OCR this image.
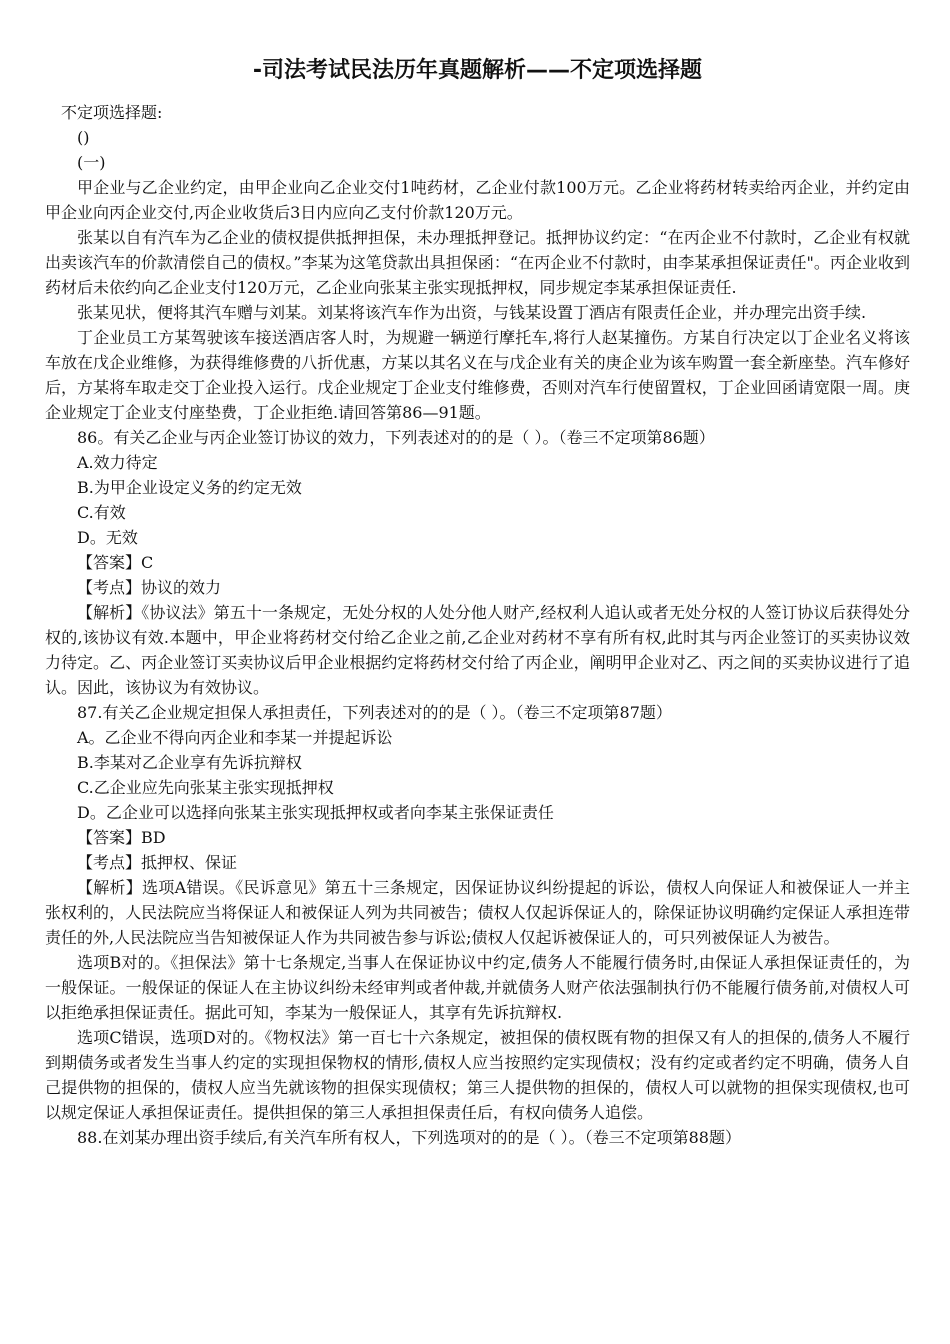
-司法考试民法历年真题解析——不定项选择题

不定项选择题:

()

(一)

甲企业与乙企业约定，由甲企业向乙企业交付1吨药材，乙企业付款100万元。乙企业将药材转卖给丙企业，并约定由甲企业向丙企业交付,丙企业收货后3日内应向乙支付价款120万元。

张某以自有汽车为乙企业的债权提供抵押担保，未办理抵押登记。抵押协议约定：“在丙企业不付款时，乙企业有权就出卖该汽车的价款清偿自己的债权。”李某为这笔贷款出具担保函：“在丙企业不付款时，由李某承担保证责任"。丙企业收到药材后未依约向乙企业支付120万元，乙企业向张某主张实现抵押权，同步规定李某承担保证责任.

张某见状，便将其汽车赠与刘某。刘某将该汽车作为出资，与钱某设置丁酒店有限责任企业，并办理完出资手续.

丁企业员工方某驾驶该车接送酒店客人时，为规避一辆逆行摩托车,将行人赵某撞伤。方某自行决定以丁企业名义将该车放在戊企业维修，为获得维修费的八折优惠，方某以其名义在与戊企业有关的庚企业为该车购置一套全新座垫。汽车修好后，方某将车取走交丁企业投入运行。戊企业规定丁企业支付维修费，否则对汽车行使留置权，丁企业回函请宽限一周。庚企业规定丁企业支付座垫费，丁企业拒绝.请回答第86—91题。

86。有关乙企业与丙企业签订协议的效力，下列表述对的的是（ ）。（卷三不定项第86题）

A.效力待定

B.为甲企业设定义务的约定无效

C.有效

D。无效

【答案】C

【考点】协议的效力

【解析】《协议法》第五十一条规定，无处分权的人处分他人财产,经权利人追认或者无处分权的人签订协议后获得处分权的,该协议有效.本题中，甲企业将药材交付给乙企业之前,乙企业对药材不享有所有权,此时其与丙企业签订的买卖协议效力待定。乙、丙企业签订买卖协议后甲企业根据约定将药材交付给了丙企业，阐明甲企业对乙、丙之间的买卖协议进行了追认。因此，该协议为有效协议。

87.有关乙企业规定担保人承担责任，下列表述对的的是（ ）。（卷三不定项第87题）

A。乙企业不得向丙企业和李某一并提起诉讼

B.李某对乙企业享有先诉抗辩权

C.乙企业应先向张某主张实现抵押权

D。乙企业可以选择向张某主张实现抵押权或者向李某主张保证责任

【答案】BD

【考点】抵押权、保证

【解析】选项A错误。《民诉意见》第五十三条规定，因保证协议纠纷提起的诉讼，债权人向保证人和被保证人一并主张权利的，人民法院应当将保证人和被保证人列为共同被告；债权人仅起诉保证人的，除保证协议明确约定保证人承担连带责任的外,人民法院应当告知被保证人作为共同被告参与诉讼;债权人仅起诉被保证人的，可只列被保证人为被告。

选项B对的。《担保法》第十七条规定,当事人在保证协议中约定,债务人不能履行债务时,由保证人承担保证责任的，为一般保证。一般保证的保证人在主协议纠纷未经审判或者仲裁,并就债务人财产依法强制执行仍不能履行债务前,对债权人可以拒绝承担保证责任。据此可知，李某为一般保证人，其享有先诉抗辩权.

选项C错误，选项D对的。《物权法》第一百七十六条规定，被担保的债权既有物的担保又有人的担保的,债务人不履行到期债务或者发生当事人约定的实现担保物权的情形,债权人应当按照约定实现债权；没有约定或者约定不明确，债务人自己提供物的担保的，债权人应当先就该物的担保实现债权；第三人提供物的担保的，债权人可以就物的担保实现债权,也可以规定保证人承担保证责任。提供担保的第三人承担担保责任后，有权向债务人追偿。

88.在刘某办理出资手续后,有关汽车所有权人，下列选项对的的是（ ）。（卷三不定项第88题）
